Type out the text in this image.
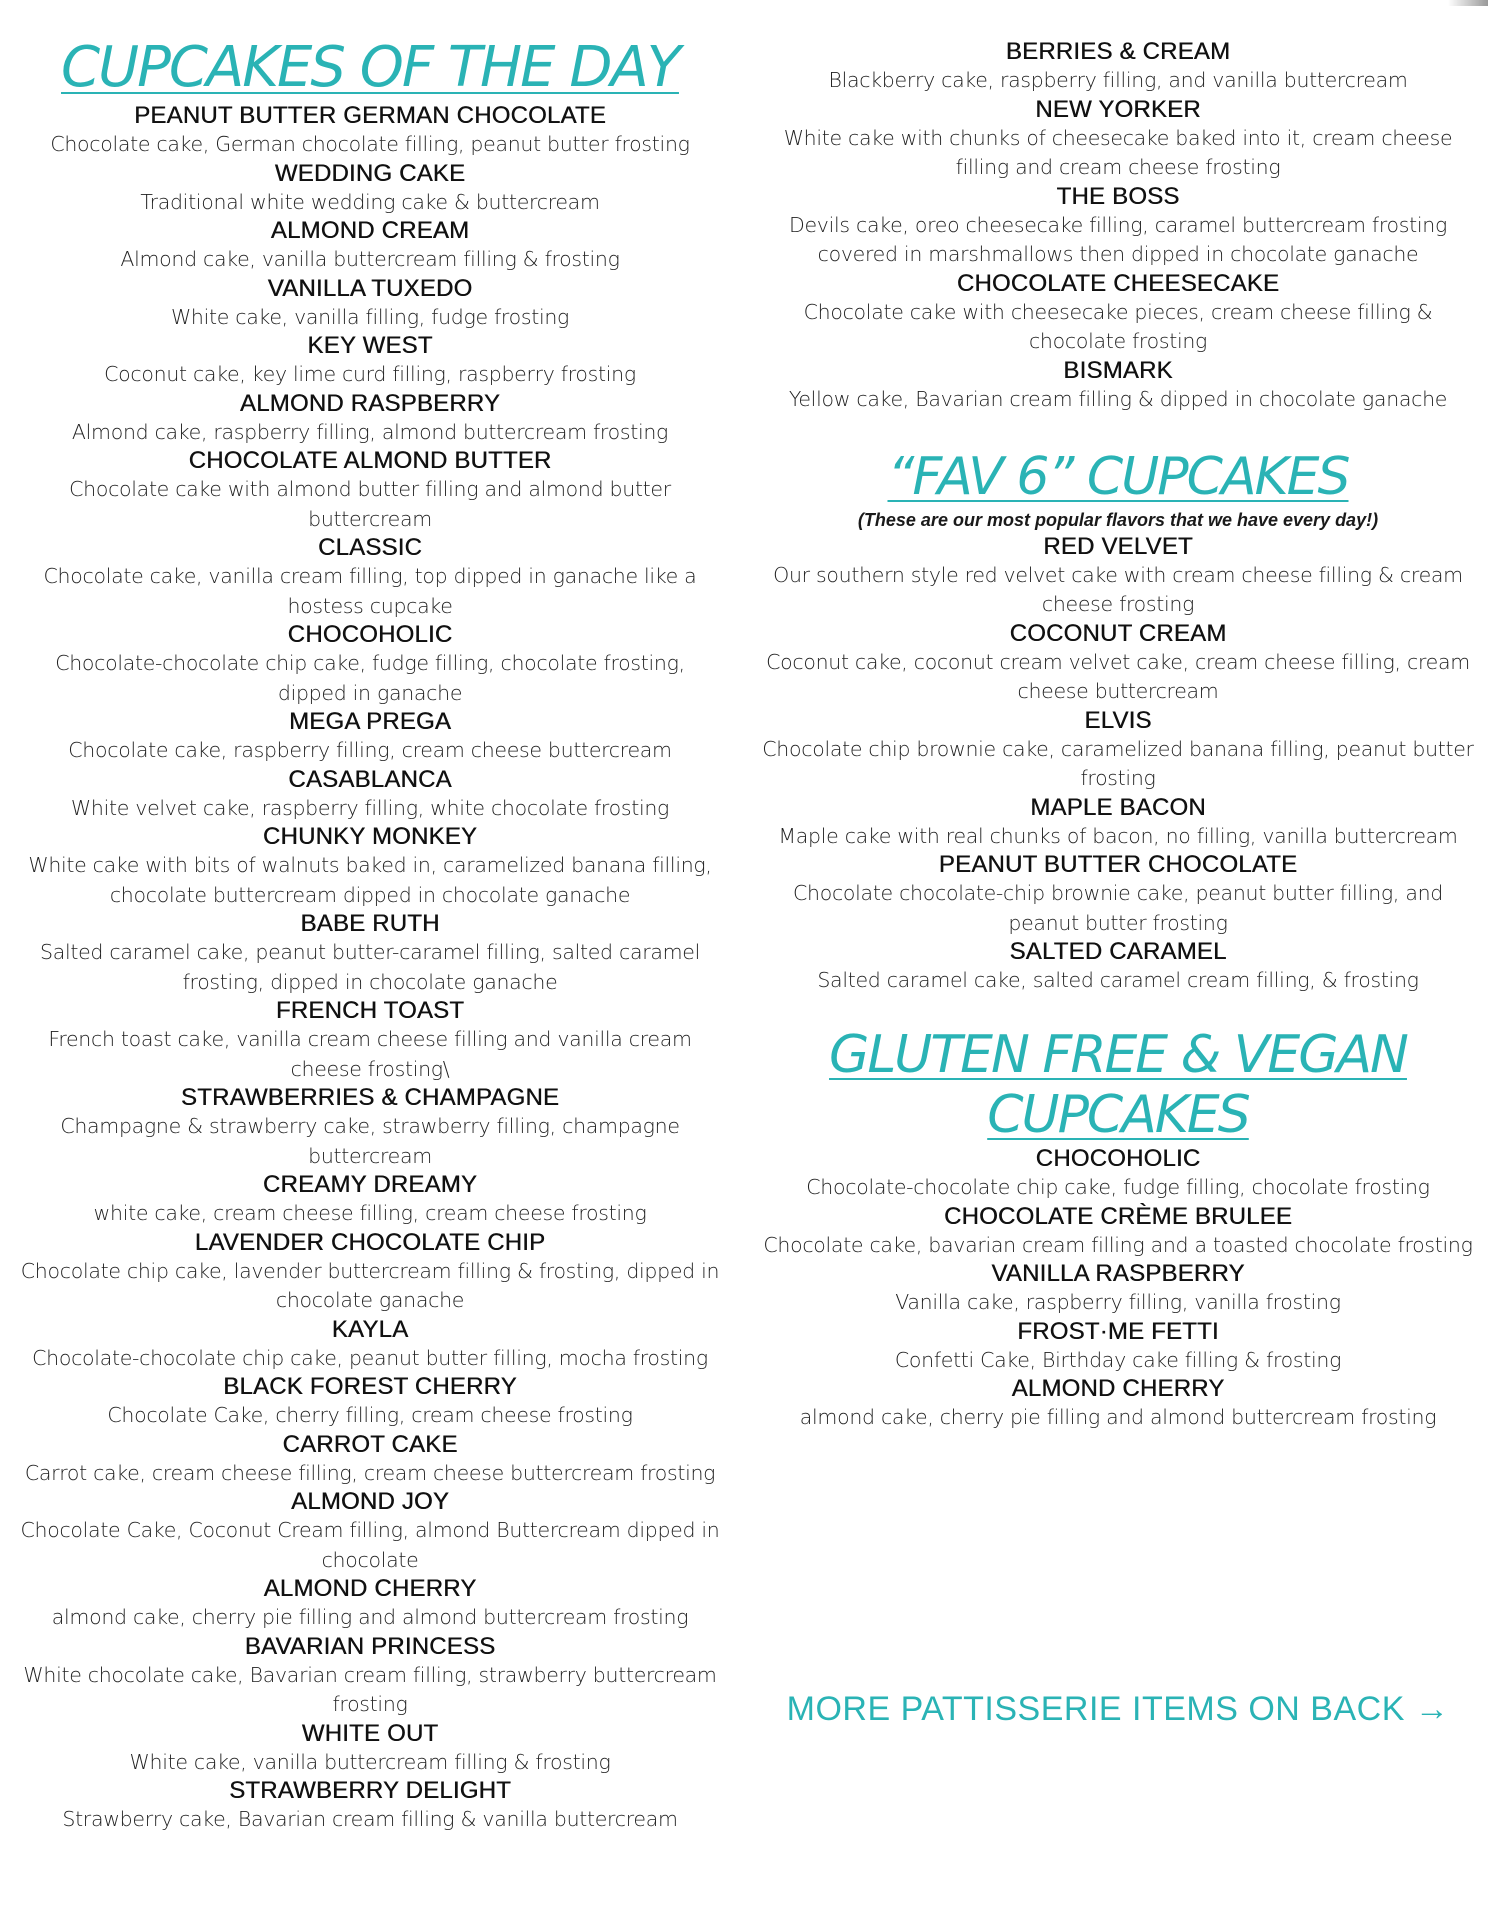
CUPCAKES OF THE DAY
PEANUT BUTTER GERMAN CHOCOLATE
Chocolate cake, German chocolate filling, peanut butter frosting
WEDDING CAKE
Traditional white wedding cake & buttercream
ALMOND CREAM
Almond cake, vanilla buttercream filling & frosting
VANILLA TUXEDO
White cake, vanilla filling, fudge frosting
KEY WEST
Coconut cake, key lime curd filling, raspberry frosting
ALMOND RASPBERRY
Almond cake, raspberry filling, almond buttercream frosting
CHOCOLATE ALMOND BUTTER
Chocolate cake with almond butter filling and almond butter buttercream
CLASSIC
Chocolate cake, vanilla cream filling, top dipped in ganache like a hostess cupcake
CHOCOHOLIC
Chocolate-chocolate chip cake, fudge filling, chocolate frosting, dipped in ganache
MEGA PREGA
Chocolate cake, raspberry filling, cream cheese buttercream
CASABLANCA
White velvet cake, raspberry filling, white chocolate frosting
CHUNKY MONKEY
White cake with bits of walnuts baked in, caramelized banana filling, chocolate buttercream dipped in chocolate ganache
BABE RUTH
Salted caramel cake, peanut butter-caramel filling, salted caramel frosting, dipped in chocolate ganache
FRENCH TOAST
French toast cake, vanilla cream cheese filling and vanilla cream cheese frosting\
STRAWBERRIES & CHAMPAGNE
Champagne & strawberry cake, strawberry filling, champagne buttercream
CREAMY DREAMY
white cake, cream cheese filling, cream cheese frosting
LAVENDER CHOCOLATE CHIP
Chocolate chip cake, lavender buttercream filling & frosting, dipped in chocolate ganache
KAYLA
Chocolate-chocolate chip cake, peanut butter filling, mocha frosting
BLACK FOREST CHERRY
Chocolate Cake, cherry filling, cream cheese frosting
CARROT CAKE
Carrot cake, cream cheese filling, cream cheese buttercream frosting
ALMOND JOY
Chocolate Cake, Coconut Cream filling, almond Buttercream dipped in chocolate
ALMOND CHERRY
almond cake, cherry pie filling and almond buttercream frosting
BAVARIAN PRINCESS
White chocolate cake, Bavarian cream filling, strawberry buttercream frosting
WHITE OUT
White cake, vanilla buttercream filling & frosting
STRAWBERRY DELIGHT
Strawberry cake, Bavarian cream filling & vanilla buttercream
BERRIES & CREAM
Blackberry cake, raspberry filling, and vanilla buttercream
NEW YORKER
White cake with chunks of cheesecake baked into it, cream cheese filling and cream cheese frosting
THE BOSS
Devils cake, oreo cheesecake filling, caramel buttercream frosting covered in marshmallows then dipped in chocolate ganache
CHOCOLATE CHEESECAKE
Chocolate cake with cheesecake pieces, cream cheese filling & chocolate frosting
BISMARK
Yellow cake, Bavarian cream filling & dipped in chocolate ganache
“FAV 6” CUPCAKES
(These are our most popular flavors that we have every day!)
RED VELVET
Our southern style red velvet cake with cream cheese filling & cream cheese frosting
COCONUT CREAM
Coconut cake, coconut cream velvet cake, cream cheese filling, cream cheese buttercream
ELVIS
Chocolate chip brownie cake, caramelized banana filling, peanut butter frosting
MAPLE BACON
Maple cake with real chunks of bacon, no filling, vanilla buttercream
PEANUT BUTTER CHOCOLATE
Chocolate chocolate-chip brownie cake, peanut butter filling, and peanut butter frosting
SALTED CARAMEL
Salted caramel cake, salted caramel cream filling, & frosting
GLUTEN FREE & VEGAN
CUPCAKES
CHOCOHOLIC
Chocolate-chocolate chip cake, fudge filling, chocolate frosting
CHOCOLATE CRÈME BRULEE
Chocolate cake, bavarian cream filling and a toasted chocolate frosting
VANILLA RASPBERRY
Vanilla cake, raspberry filling, vanilla frosting
FROST·ME FETTI
Confetti Cake, Birthday cake filling & frosting
ALMOND CHERRY
almond cake, cherry pie filling and almond buttercream frosting
MORE PATTISSERIE ITEMS ON BACK →
